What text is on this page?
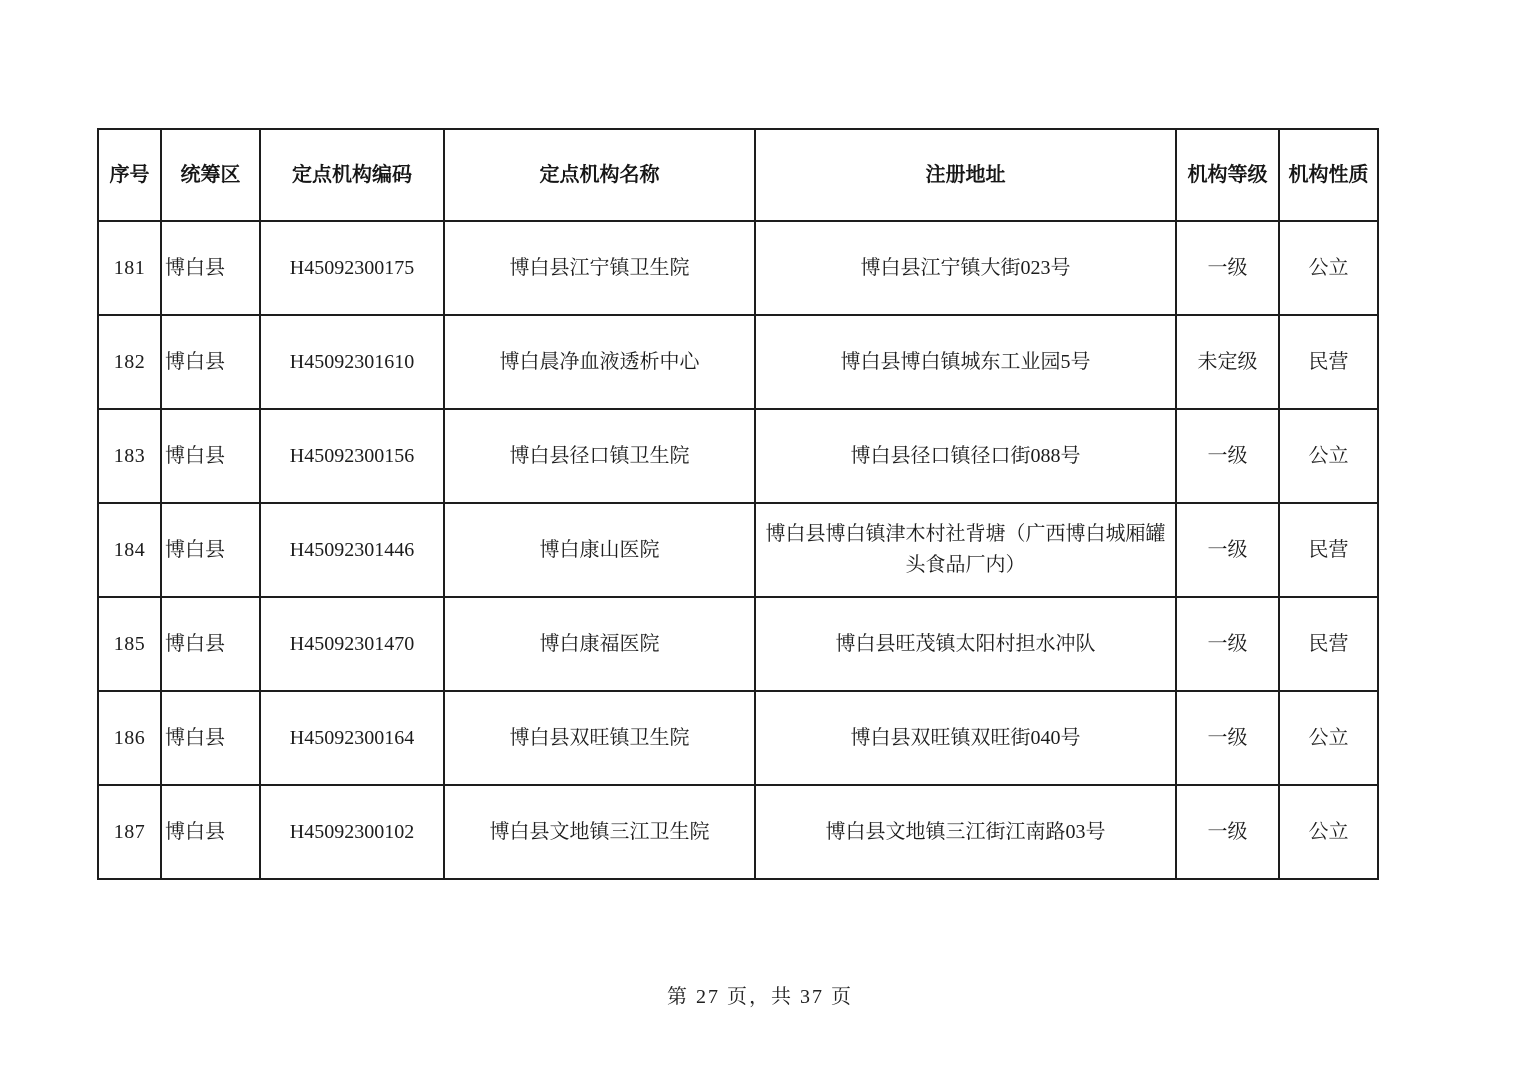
序号	统筹区	定点机构编码	定点机构名称	注册地址	机构等级	机构性质
181	博白县	H45092300175	博白县江宁镇卫生院	博白县江宁镇大街023号	一级	公立
182	博白县	H45092301610	博白晨净血液透析中心	博白县博白镇城东工业园5号	未定级	民营
183	博白县	H45092300156	博白县径口镇卫生院	博白县径口镇径口街088号	一级	公立
184	博白县	H45092301446	博白康山医院	博白县博白镇津木村社背塘（广西博白城厢罐头食品厂内）	一级	民营
185	博白县	H45092301470	博白康福医院	博白县旺茂镇太阳村担水冲队	一级	民营
186	博白县	H45092300164	博白县双旺镇卫生院	博白县双旺镇双旺街040号	一级	公立
187	博白县	H45092300102	博白县文地镇三江卫生院	博白县文地镇三江街江南路03号	一级	公立
第 27 页，共 37 页
